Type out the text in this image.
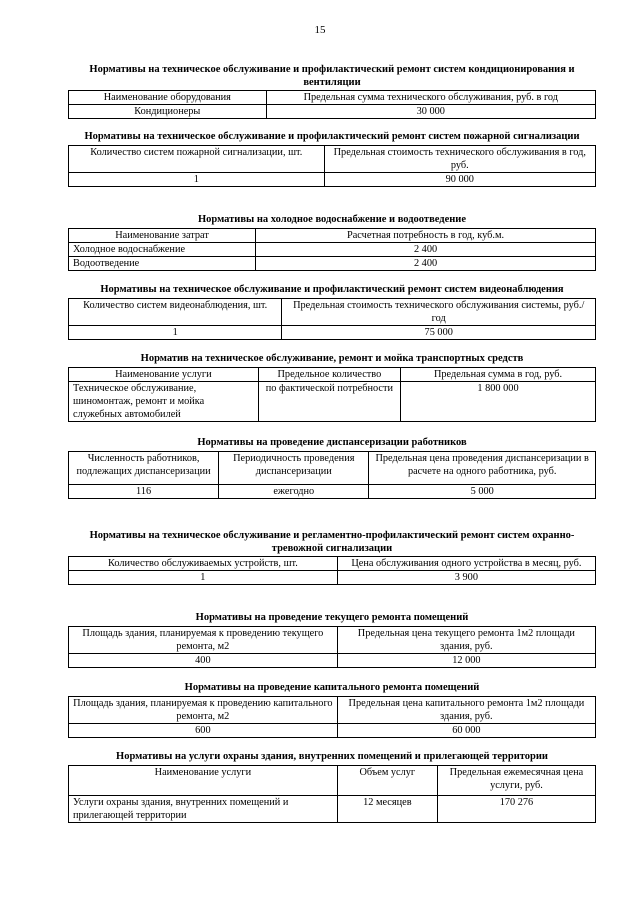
15
Нормативы на техническое обслуживание и профилактический ремонт систем кондиционирования и вентиляции
Наименование оборудования	Предельная сумма технического обслуживания, руб. в год
Кондиционеры	30 000
Нормативы на техническое обслуживание и профилактический ремонт систем пожарной сигнализации
Количество систем пожарной сигнализации, шт.	Предельная стоимость технического обслуживания в год, руб.
1	90 000
Нормативы на холодное водоснабжение и водоотведение
Наименование затрат	Расчетная потребность в год, куб.м.
Холодное водоснабжение	2 400
Водоотведение	2 400
Нормативы на техническое обслуживание и профилактический ремонт систем видеонаблюдения
Количество систем видеонаблюдения, шт.	Предельная стоимость технического обслуживания системы, руб./год
1	75 000
Норматив на техническое обслуживание, ремонт и мойка транспортных средств
Наименование услуги	Предельное количество	Предельная сумма в год, руб.
Техническое обслуживание, шиномонтаж, ремонт и мойка служебных автомобилей	по фактической потребности	1 800 000
Нормативы на проведение диспансеризации работников
Численность работников, подлежащих диспансеризации	Периодичность проведения диспансеризации	Предельная цена проведения диспансеризации в расчете на одного работника, руб.
116	ежегодно	5 000
Нормативы на техническое обслуживание и регламентно-профилактический ремонт систем охранно-тревожной сигнализации
Количество обслуживаемых устройств, шт.	Цена обслуживания одного устройства в месяц, руб.
1	3 900
Нормативы на проведение текущего ремонта помещений
Площадь здания, планируемая к проведению текущего ремонта, м2	Предельная цена текущего ремонта 1м2 площади здания, руб.
400	12 000
Нормативы на проведение капитального ремонта помещений
Площадь здания, планируемая к проведению капитального ремонта, м2	Предельная цена капитального ремонта 1м2 площади здания, руб.
600	60 000
Нормативы на услуги охраны здания, внутренних помещений и прилегающей территории
Наименование услуги	Объем услуг	Предельная ежемесячная цена услуги, руб.
Услуги охраны здания, внутренних помещений и прилегающей территории	12 месяцев	170 276
